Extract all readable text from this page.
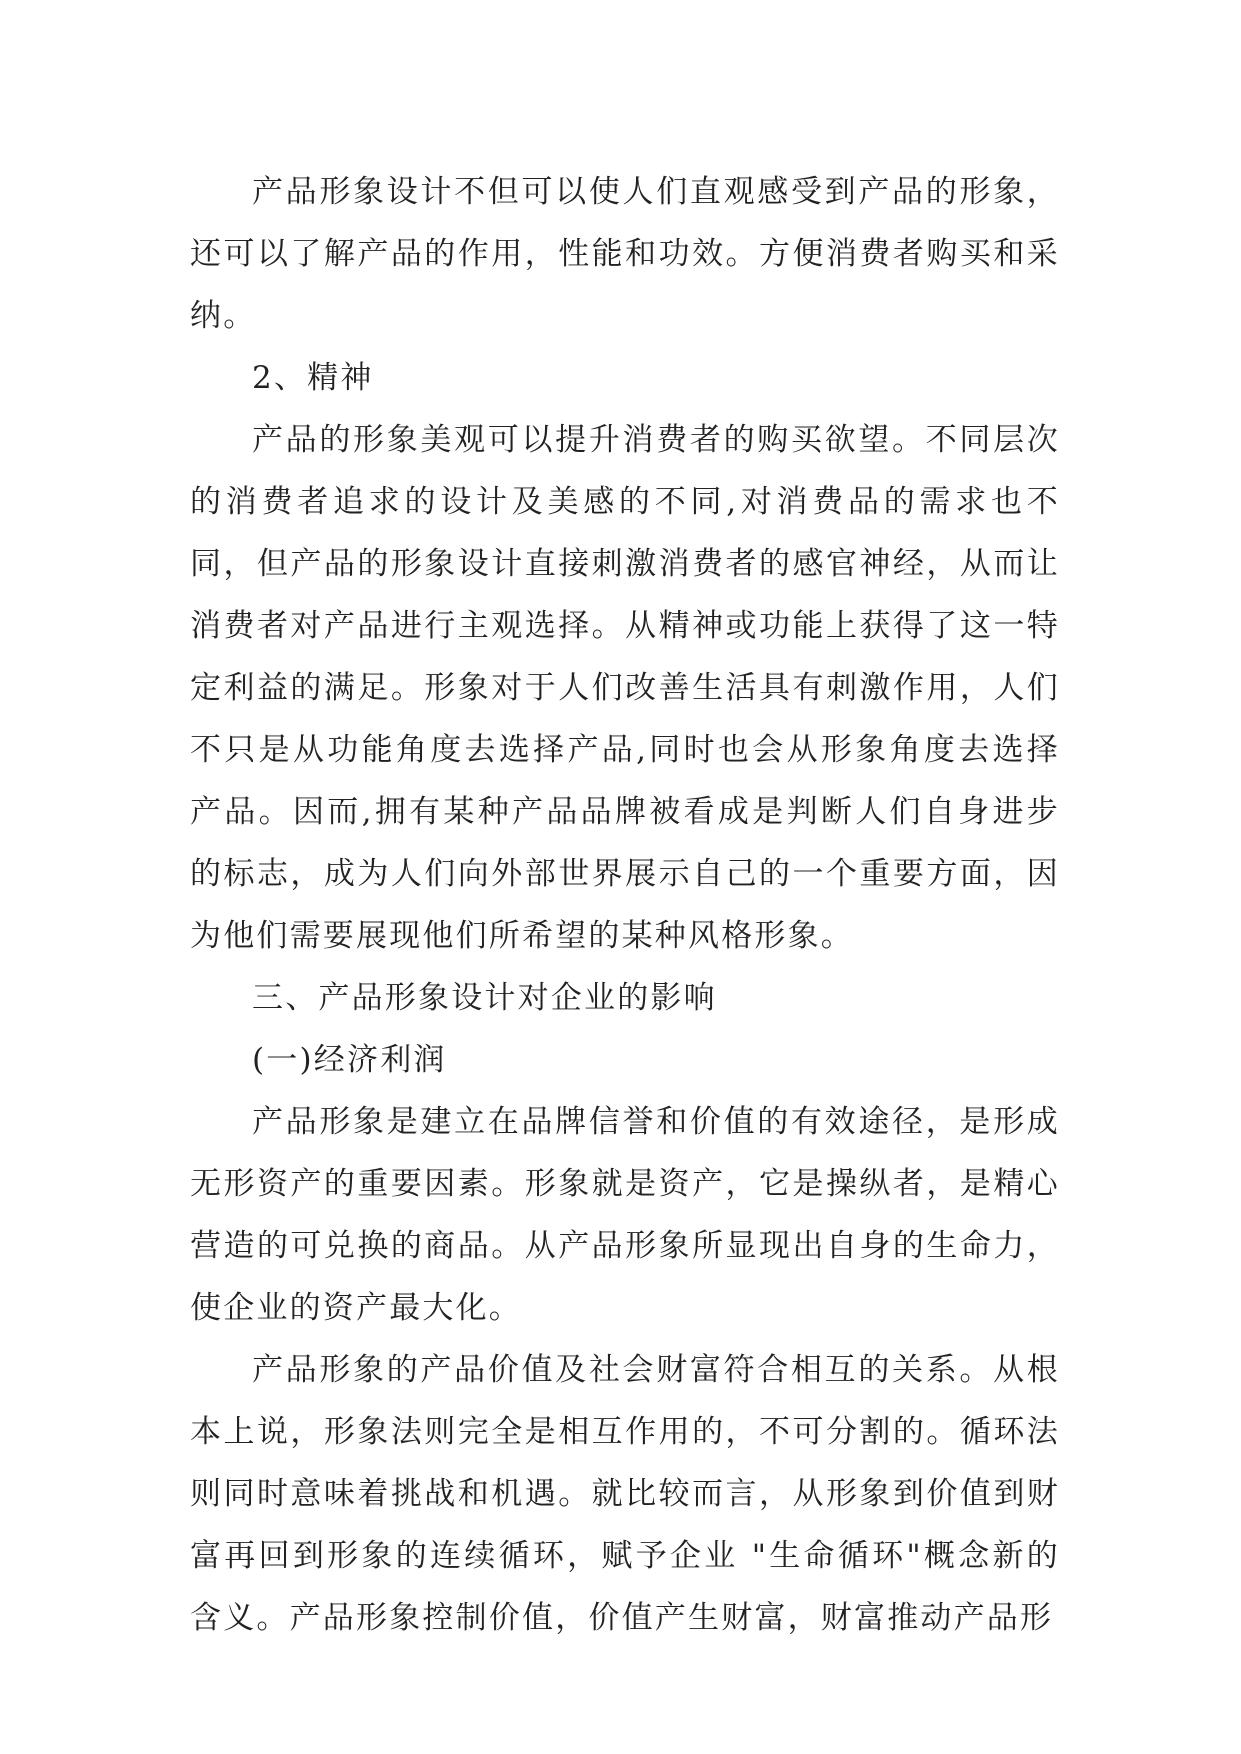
产品形象设计不但可以使人们直观感受到产品的形象，还可以了解产品的作用，性能和功效。方便消费者购买和采纳。

2、精神

产品的形象美观可以提升消费者的购买欲望。不同层次的消费者追求的设计及美感的不同,对消费品的需求也不同，但产品的形象设计直接刺激消费者的感官神经，从而让消费者对产品进行主观选择。从精神或功能上获得了这一特定利益的满足。形象对于人们改善生活具有刺激作用，人们不只是从功能角度去选择产品,同时也会从形象角度去选择产品。因而,拥有某种产品品牌被看成是判断人们自身进步的标志，成为人们向外部世界展示自己的一个重要方面，因为他们需要展现他们所希望的某种风格形象。

三、产品形象设计对企业的影响

(一)经济利润

产品形象是建立在品牌信誉和价值的有效途径，是形成无形资产的重要因素。形象就是资产，它是操纵者，是精心营造的可兑换的商品。从产品形象所显现出自身的生命力，使企业的资产最大化。

产品形象的产品价值及社会财富符合相互的关系。从根本上说，形象法则完全是相互作用的，不可分割的。循环法则同时意味着挑战和机遇。就比较而言，从形象到价值到财富再回到形象的连续循环，赋予企业 "生命循环"概念新的含义。产品形象控制价值，价值产生财富，财富推动产品形
